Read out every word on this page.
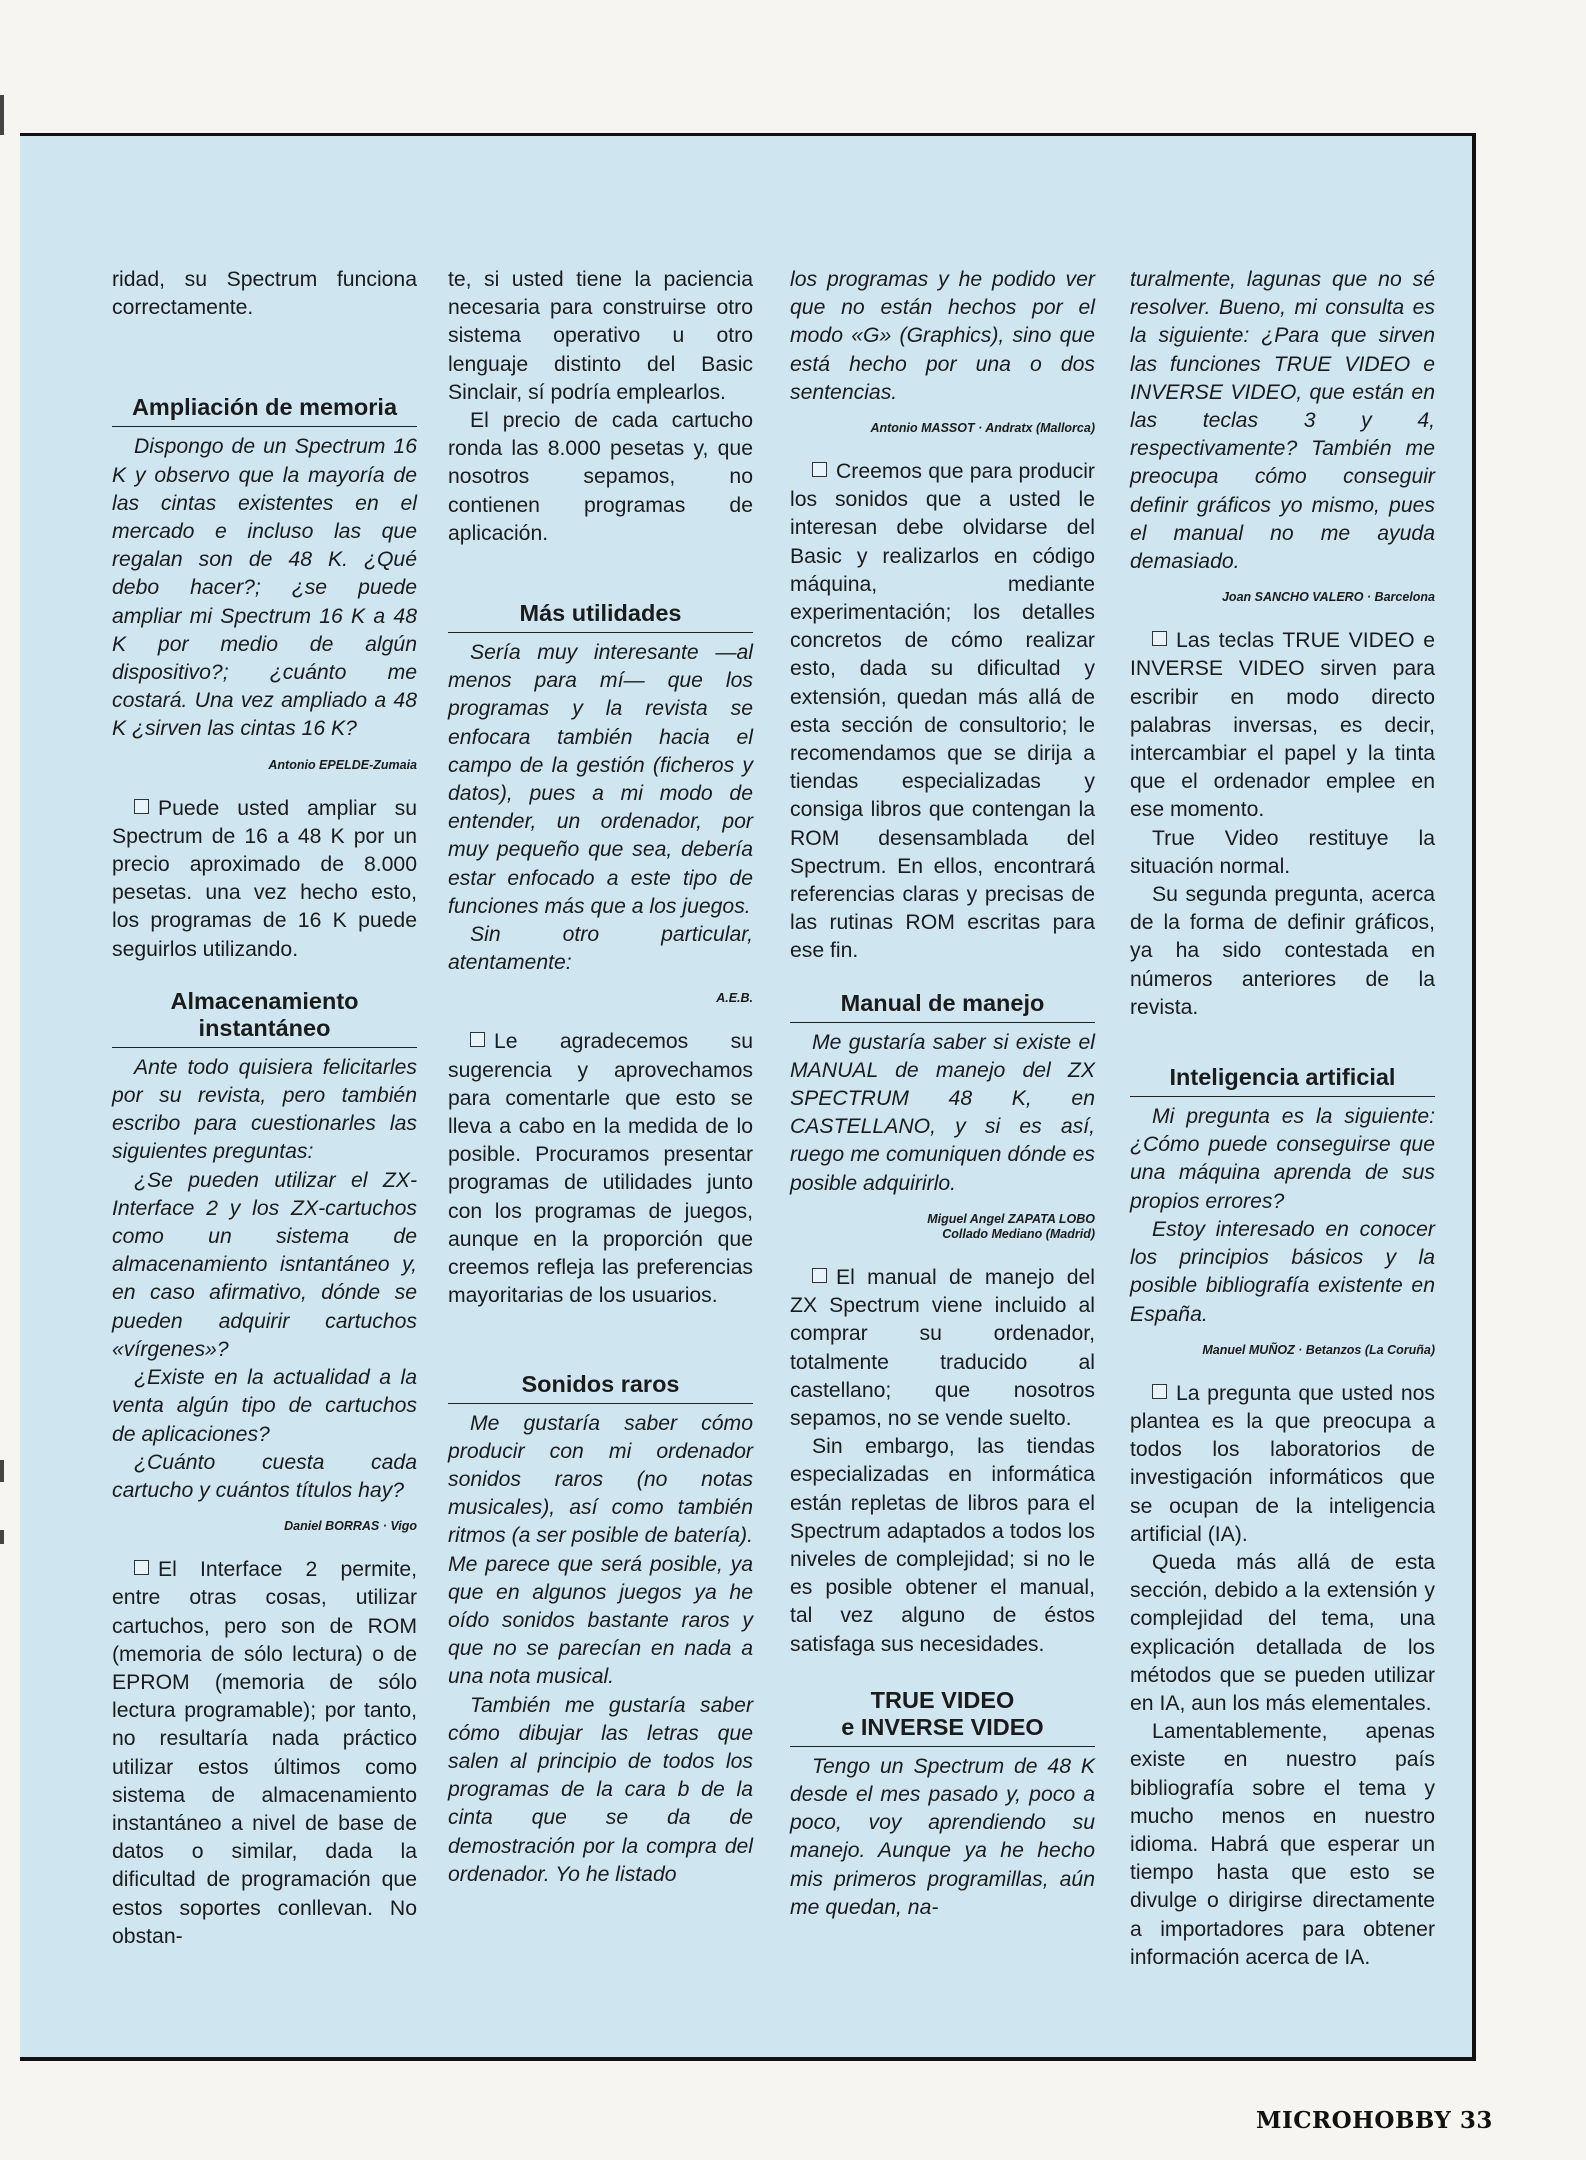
ridad, su Spectrum funciona correctamente.

Ampliación de memoria

Dispongo de un Spectrum 16 K y observo que la mayoría de las cintas existentes en el mercado e incluso las que regalan son de 48 K. ¿Qué debo hacer?; ¿se puede ampliar mi Spectrum 16 K a 48 K por medio de algún dispositivo?; ¿cuánto me costará. Una vez ampliado a 48 K ¿sirven las cintas 16 K?

Antonio EPELDE-Zumaia

Puede usted ampliar su Spectrum de 16 a 48 K por un precio aproximado de 8.000 pesetas. una vez hecho esto, los programas de 16 K puede seguirlos utilizando.

Almacenamiento instantáneo

Ante todo quisiera felicitarles por su revista, pero también escribo para cuestionarles las siguientes preguntas:

¿Se pueden utilizar el ZX-Interface 2 y los ZX-cartuchos como un sistema de almacenamiento isntantáneo y, en caso afirmativo, dónde se pueden adquirir cartuchos «vírgenes»?

¿Existe en la actualidad a la venta algún tipo de cartuchos de aplicaciones?

¿Cuánto cuesta cada cartucho y cuántos títulos hay?

Daniel BORRAS · Vigo

El Interface 2 permite, entre otras cosas, utilizar cartuchos, pero son de ROM (memoria de sólo lectura) o de EPROM (memoria de sólo lectura programable); por tanto, no resultaría nada práctico utilizar estos últimos como sistema de almacenamiento instantáneo a nivel de base de datos o similar, dada la dificultad de programación que estos soportes conllevan. No obstan-

te, si usted tiene la paciencia necesaria para construirse otro sistema operativo u otro lenguaje distinto del Basic Sinclair, sí podría emplearlos.

El precio de cada cartucho ronda las 8.000 pesetas y, que nosotros sepamos, no contienen programas de aplicación.

Más utilidades

Sería muy interesante —al menos para mí— que los programas y la revista se enfocara también hacia el campo de la gestión (ficheros y datos), pues a mi modo de entender, un ordenador, por muy pequeño que sea, debería estar enfocado a este tipo de funciones más que a los juegos.

Sin otro particular, atentamente:

A.E.B.

Le agradecemos su sugerencia y aprovechamos para comentarle que esto se lleva a cabo en la medida de lo posible. Procuramos presentar programas de utilidades junto con los programas de juegos, aunque en la proporción que creemos refleja las preferencias mayoritarias de los usuarios.

Sonidos raros

Me gustaría saber cómo producir con mi ordenador sonidos raros (no notas musicales), así como también ritmos (a ser posible de batería). Me parece que será posible, ya que en algunos juegos ya he oído sonidos bastante raros y que no se parecían en nada a una nota musical.

También me gustaría saber cómo dibujar las letras que salen al principio de todos los programas de la cara b de la cinta que se da de demostración por la compra del ordenador. Yo he listado

los programas y he podido ver que no están hechos por el modo «G» (Graphics), sino que está hecho por una o dos sentencias.

Antonio MASSOT · Andratx (Mallorca)

Creemos que para producir los sonidos que a usted le interesan debe olvidarse del Basic y realizarlos en código máquina, mediante experimentación; los detalles concretos de cómo realizar esto, dada su dificultad y extensión, quedan más allá de esta sección de consultorio; le recomendamos que se dirija a tiendas especializadas y consiga libros que contengan la ROM desensamblada del Spectrum. En ellos, encontrará referencias claras y precisas de las rutinas ROM escritas para ese fin.

Manual de manejo

Me gustaría saber si existe el MANUAL de manejo del ZX SPECTRUM 48 K, en CASTELLANO, y si es así, ruego me comuniquen dónde es posible adquirirlo.

Miguel Angel ZAPATA LOBO
Collado Mediano (Madrid)

El manual de manejo del ZX Spectrum viene incluido al comprar su ordenador, totalmente traducido al castellano; que nosotros sepamos, no se vende suelto.

Sin embargo, las tiendas especializadas en informática están repletas de libros para el Spectrum adaptados a todos los niveles de complejidad; si no le es posible obtener el manual, tal vez alguno de éstos satisfaga sus necesidades.

TRUE VIDEO
e INVERSE VIDEO

Tengo un Spectrum de 48 K desde el mes pasado y, poco a poco, voy aprendiendo su manejo. Aunque ya he hecho mis primeros programillas, aún me quedan, na-

turalmente, lagunas que no sé resolver. Bueno, mi consulta es la siguiente: ¿Para que sirven las funciones TRUE VIDEO e INVERSE VIDEO, que están en las teclas 3 y 4, respectivamente? También me preocupa cómo conseguir definir gráficos yo mismo, pues el manual no me ayuda demasiado.

Joan SANCHO VALERO · Barcelona

Las teclas TRUE VIDEO e INVERSE VIDEO sirven para escribir en modo directo palabras inversas, es decir, intercambiar el papel y la tinta que el ordenador emplee en ese momento.

True Video restituye la situación normal.

Su segunda pregunta, acerca de la forma de definir gráficos, ya ha sido contestada en números anteriores de la revista.

Inteligencia artificial

Mi pregunta es la siguiente: ¿Cómo puede conseguirse que una máquina aprenda de sus propios errores?

Estoy interesado en conocer los principios básicos y la posible bibliografía existente en España.

Manuel MUÑOZ · Betanzos (La Coruña)

La pregunta que usted nos plantea es la que preocupa a todos los laboratorios de investigación informáticos que se ocupan de la inteligencia artificial (IA).

Queda más allá de esta sección, debido a la extensión y complejidad del tema, una explicación detallada de los métodos que se pueden utilizar en IA, aun los más elementales.

Lamentablemente, apenas existe en nuestro país bibliografía sobre el tema y mucho menos en nuestro idioma. Habrá que esperar un tiempo hasta que esto se divulge o dirigirse directamente a importadores para obtener información acerca de IA.

MICROHOBBY 33
